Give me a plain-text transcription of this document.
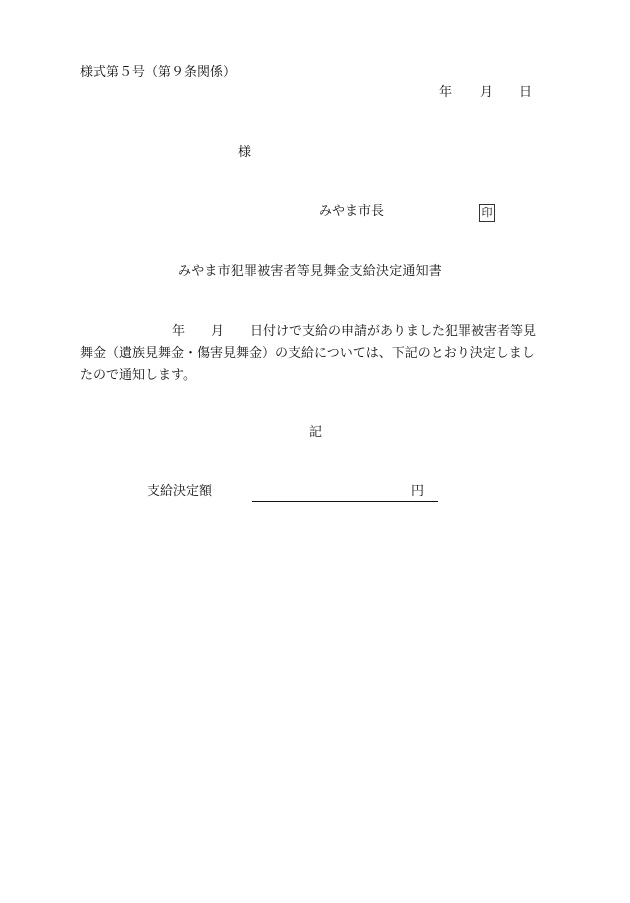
様式第５号（第９条関係）
年 月 日
様
みやま市長	印
みやま市犯罪被害者等見舞金支給決定通知書
年　　月　　日付けで支給の申請がありました犯罪被害者等見
舞金（遺族見舞金・傷害見舞金）の支給については、下記のとおり決定しまし
たので通知します。
記
支給決定額	円
